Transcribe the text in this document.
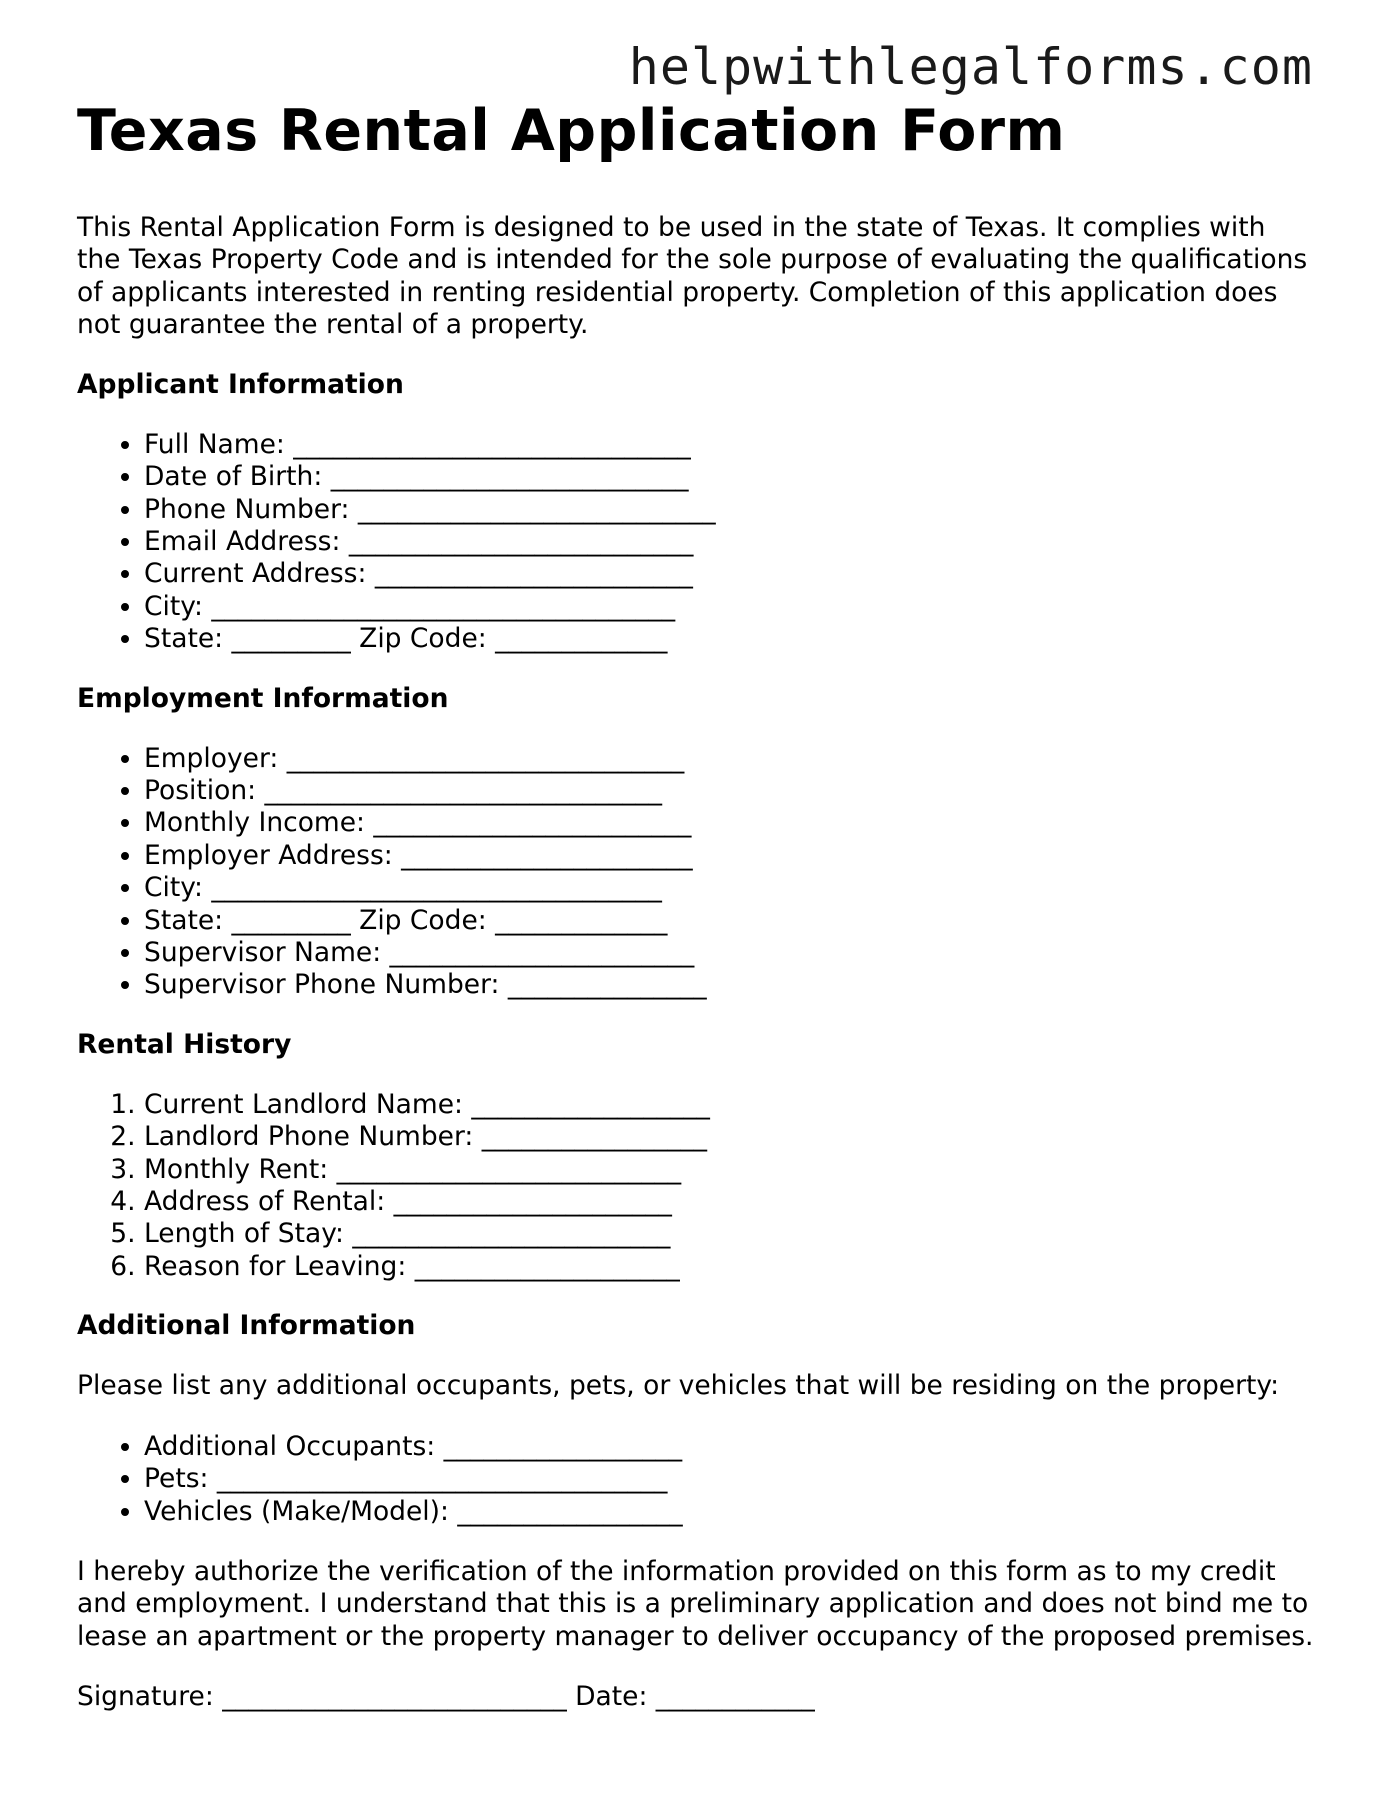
helpwithlegalforms.com
Texas Rental Application Form

This Rental Application Form is designed to be used in the state of Texas. It complies with the Texas Property Code and is intended for the sole purpose of evaluating the qualifications of applicants interested in renting residential property. Completion of this application does not guarantee the rental of a property.

Applicant Information
• Full Name: ______________________________
• Date of Birth: ___________________________
• Phone Number: ___________________________
• Email Address: __________________________
• Current Address: ________________________
• City: ___________________________________
• State: _________ Zip Code: _____________
Employment Information
• Employer: ______________________________
• Position: ______________________________
• Monthly Income: ________________________
• Employer Address: ______________________
• City: __________________________________
• State: _________ Zip Code: _____________
• Supervisor Name: _______________________
• Supervisor Phone Number: _______________
Rental History
1. Current Landlord Name: __________________
2. Landlord Phone Number: _________________
3. Monthly Rent: __________________________
4. Address of Rental: _____________________
5. Length of Stay: ________________________
6. Reason for Leaving: ____________________
Additional Information

Please list any additional occupants, pets, or vehicles that will be residing on the property:

• Additional Occupants: __________________
• Pets: __________________________________
• Vehicles (Make/Model): _________________

I hereby authorize the verification of the information provided on this form as to my credit and employment. I understand that this is a preliminary application and does not bind me to lease an apartment or the property manager to deliver occupancy of the proposed premises.

Signature: __________________________ Date: ____________
